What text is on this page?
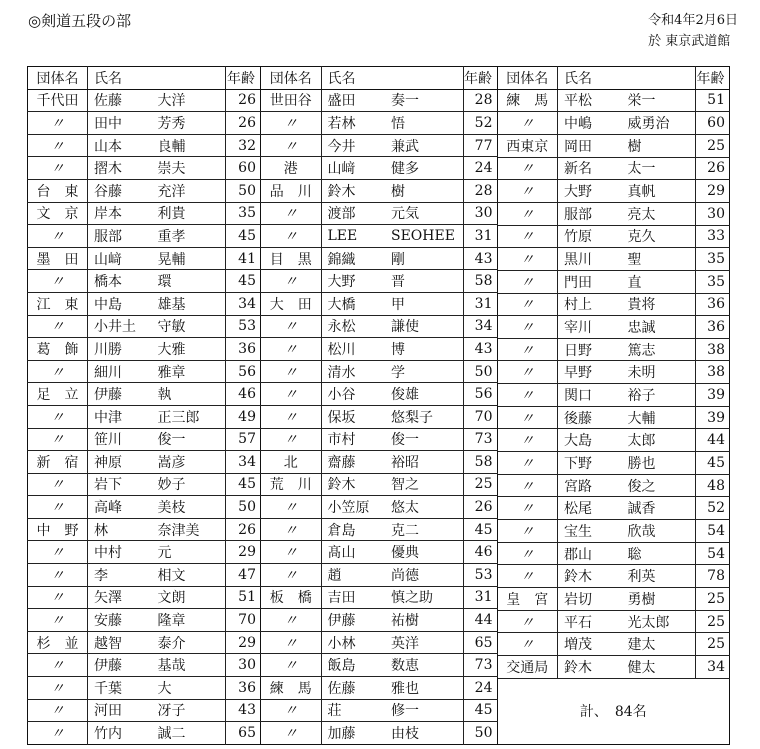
◎剣道五段の部	令和4年2月6日
於 東京武道館
団体名	氏名		年齢
千代田	佐藤	大洋	26
〃	田中	芳秀	26
〃	山本	良輔	32
〃	摺木	崇夫	60
台　東	谷藤	充洋	50
文　京	岸本	利貴	35
〃	服部	重孝	45
墨　田	山﨑	晃輔	41
〃	橋本	環	45
江　東	中島	雄基	34
〃	小井土	守敏	53
葛　飾	川勝	大雅	36
〃	細川	雅章	56
足　立	伊藤	執	46
〃	中津	正三郎	49
〃	笹川	俊一	57
新　宿	神原	嵩彦	34
〃	岩下	妙子	45
〃	高峰	美枝	50
中　野	林	奈津美	26
〃	中村	元	29
〃	李	相文	47
〃	矢澤	文朗	51
〃	安藤	隆章	70
杉　並	越智	泰介	29
〃	伊藤	基哉	30
〃	千葉	大	36
〃	河田	冴子	43
〃	竹内	誠二	65
団体名	氏名		年齢
世田谷	盛田	奏一	28
〃	若林	悟	52
〃	今井	兼武	77
港	山﨑	健多	24
品　川	鈴木	樹	28
〃	渡部	元気	30
〃	LEE	SEOHEE	31
目　黒	錦織	剛	43
〃	大野	晋	58
大　田	大橋	甲	31
〃	永松	謙使	34
〃	松川	博	43
〃	清水	学	50
〃	小谷	俊雄	56
〃	保坂	悠梨子	70
〃	市村	俊一	73
北	齋藤	裕昭	58
荒　川	鈴木	智之	25
〃	小笠原	悠太	26
〃	倉島	克二	45
〃	髙山	優典	46
〃	趙	尚德	53
板　橋	吉田	慎之助	31
〃	伊藤	祐樹	44
〃	小林	英洋	65
〃	飯島	数恵	73
練　馬	佐藤	雅也	24
〃	荘	修一	45
〃	加藤	由枝	50
団体名	氏名		年齢
練　馬	平松	栄一	51
〃	中嶋	威勇治	60
西東京	岡田	樹	25
〃	新名	太一	26
〃	大野	真帆	29
〃	服部	亮太	30
〃	竹原	克久	33
〃	黒川	聖	35
〃	門田	直	35
〃	村上	貴将	36
〃	宰川	忠誠	36
〃	日野	篤志	38
〃	早野	未明	38
〃	関口	裕子	39
〃	後藤	大輔	39
〃	大島	太郎	44
〃	下野	勝也	45
〃	宮路	俊之	48
〃	松尾	誠香	52
〃	宝生	欣哉	54
〃	郡山	聡	54
〃	鈴木	利英	78
皇　宮	岩切	勇樹	25
〃	平石	光太郎	25
〃	増茂	建太	25
交通局	鈴木	健太	34
計、　84名			
